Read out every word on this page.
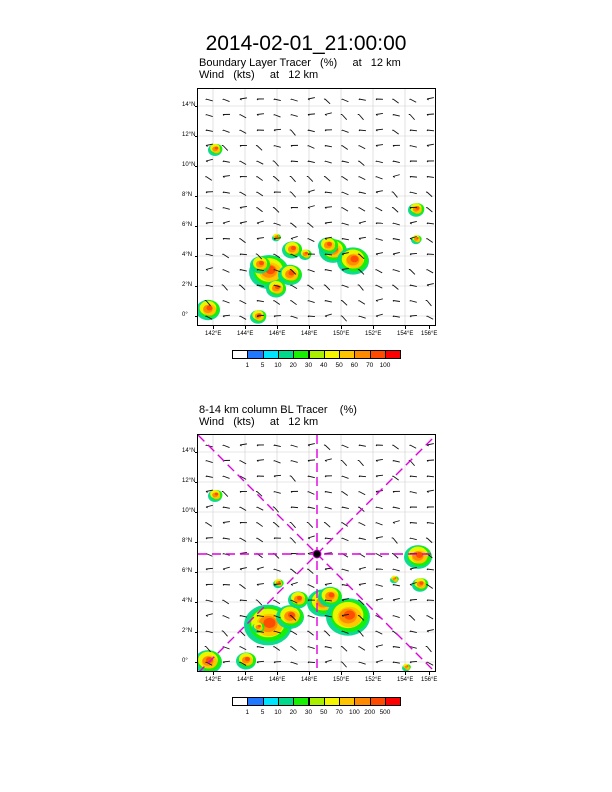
2014-02-01_21:00:00
Boundary Layer Tracer   (%)     at   12 km
Wind   (kts)     at   12 km
0°
2°N
4°N
6°N
8°N
10°N
12°N
14°N
142°E	144°E	146°E	148°E	150°E	152°E	154°E 156°E
1	5	10	20	30	40	50	60	70 100
8-14 km column BL Tracer    (%)
Wind   (kts)     at   12 km
0°
2°N
4°N
6°N
8°N
10°N
12°N
14°N
142°E	144°E	146°E	148°E	150°E	152°E	154°E 156°E
1	5	10	20	30	50	70 100 200 500
